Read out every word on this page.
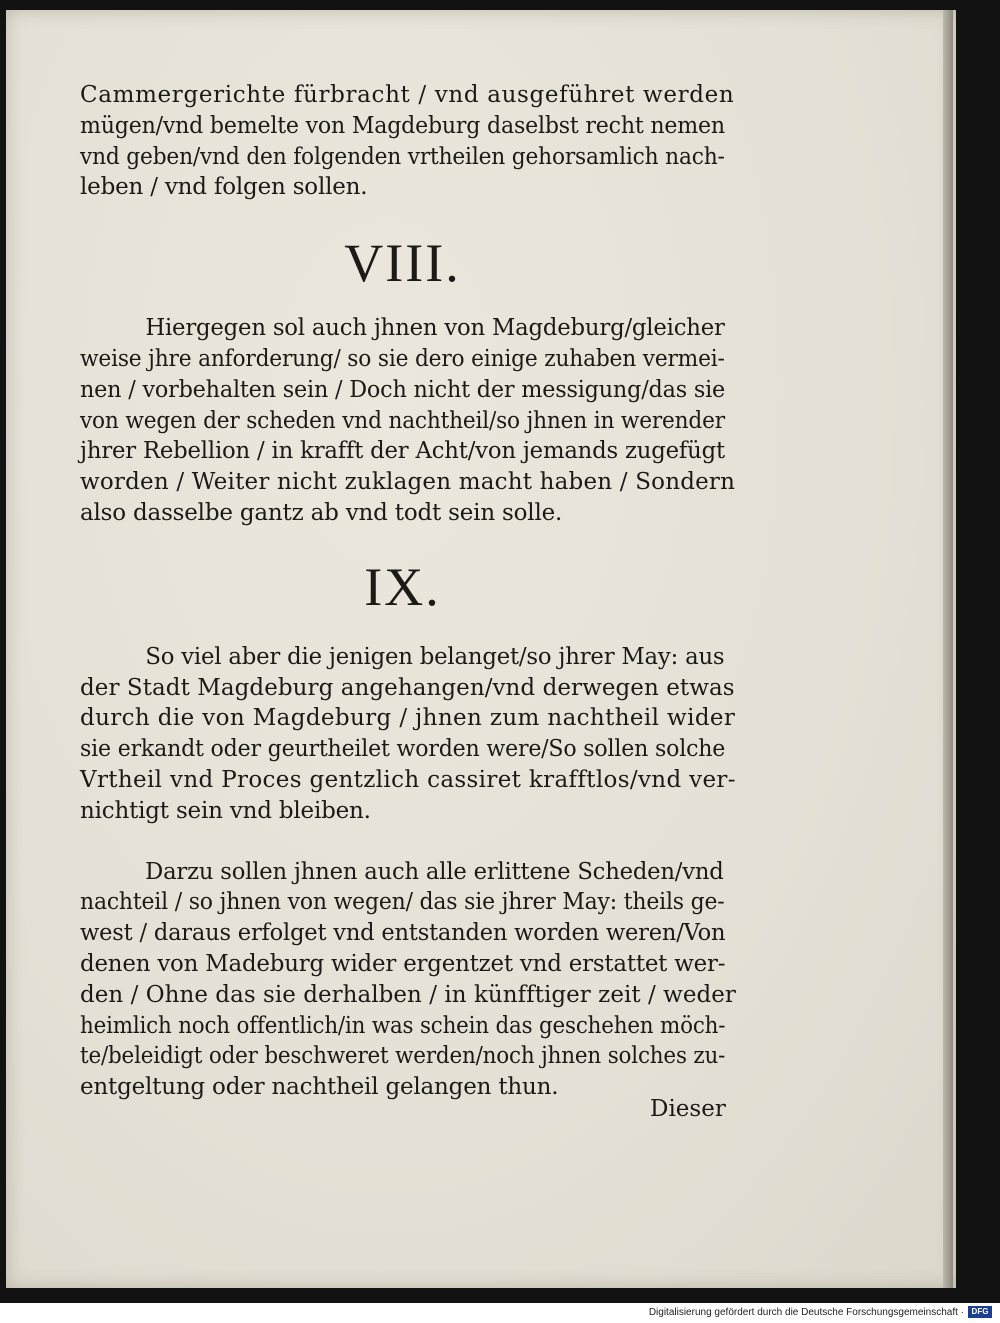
Cammergerichte fürbracht / vnd ausgeführet werden
mügen/vnd bemelte von Magdeburg daselbst recht nemen
vnd geben/vnd den folgenden vrtheilen gehorsamlich nach-
leben / vnd folgen sollen.

VIII.

Hiergegen sol auch jhnen von Magdeburg/gleicher
weise jhre anforderung/ so sie dero einige zuhaben vermei-
nen / vorbehalten sein / Doch nicht der messigung/das sie
von wegen der scheden vnd nachtheil/so jhnen in werender
jhrer Rebellion / in krafft der Acht/von jemands zugefügt
worden / Weiter nicht zuklagen macht haben / Sondern
also dasselbe gantz ab vnd todt sein solle.

IX.

So viel aber die jenigen belanget/so jhrer May: aus
der Stadt Magdeburg angehangen/vnd derwegen etwas
durch die von Magdeburg / jhnen zum nachtheil wider
sie erkandt oder geurtheilet worden were/So sollen solche
Vrtheil vnd Proces gentzlich cassiret krafftlos/vnd ver-
nichtigt sein vnd bleiben.

Darzu sollen jhnen auch alle erlittene Scheden/vnd
nachteil / so jhnen von wegen/ das sie jhrer May: theils ge-
west / daraus erfolget vnd entstanden worden weren/Von
denen von Madeburg wider ergentzet vnd erstattet wer-
den / Ohne das sie derhalben / in künfftiger zeit / weder
heimlich noch offentlich/in was schein das geschehen möch-
te/beleidigt oder beschweret werden/noch jhnen solches zu-
entgeltung oder nachtheil gelangen thun.

Dieser
Digitalisierung gefördert durch die Deutsche Forschungsgemeinschaft · DFG
